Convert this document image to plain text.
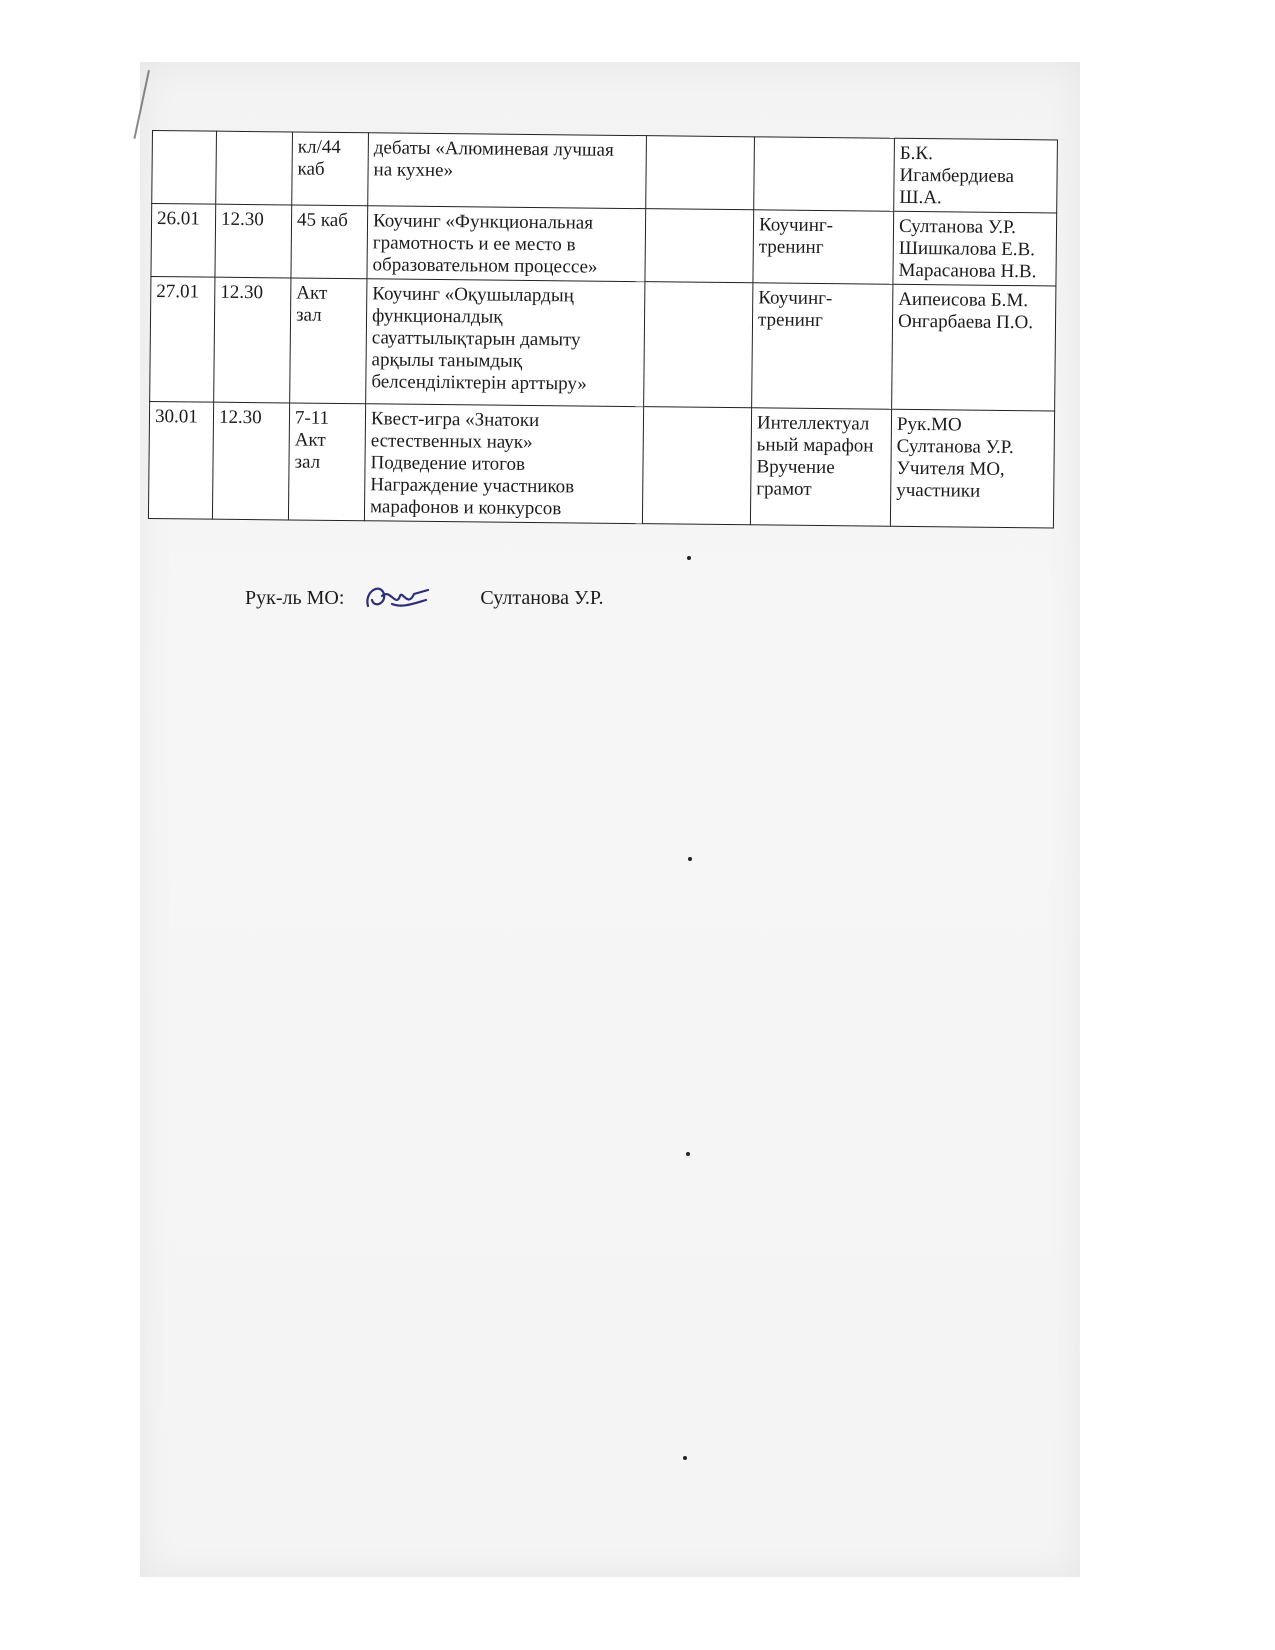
		кл/44
каб	дебаты «Алюминевая лучшая
на кухне»			Б.К.
Игамбердиева
Ш.А.
26.01	12.30	45 каб	Коучинг «Функциональная
грамотность и ее место в
образовательном процессе»		Коучинг-
тренинг	Султанова У.Р.
Шишкалова Е.В.
Марасанова Н.В.
27.01	12.30	Акт
зал	Коучинг «Оқушылардың
функционалдық
сауаттылықтарын дамыту
арқылы танымдық
белсенділіктерін арттыру»		Коучинг-
тренинг	Аипеисова Б.М.
Онгарбаева П.О.
30.01	12.30	7-11
Акт
зал	Квест-игра «Знатоки
естественных наук»
Подведение итогов
Награждение участников
марафонов и конкурсов		Интеллектуал
ьный марафон
Вручение
грамот	Рук.МО
Султанова У.Р.
Учителя МО,
участники
Рук-ль МО:	Султанова У.Р.
